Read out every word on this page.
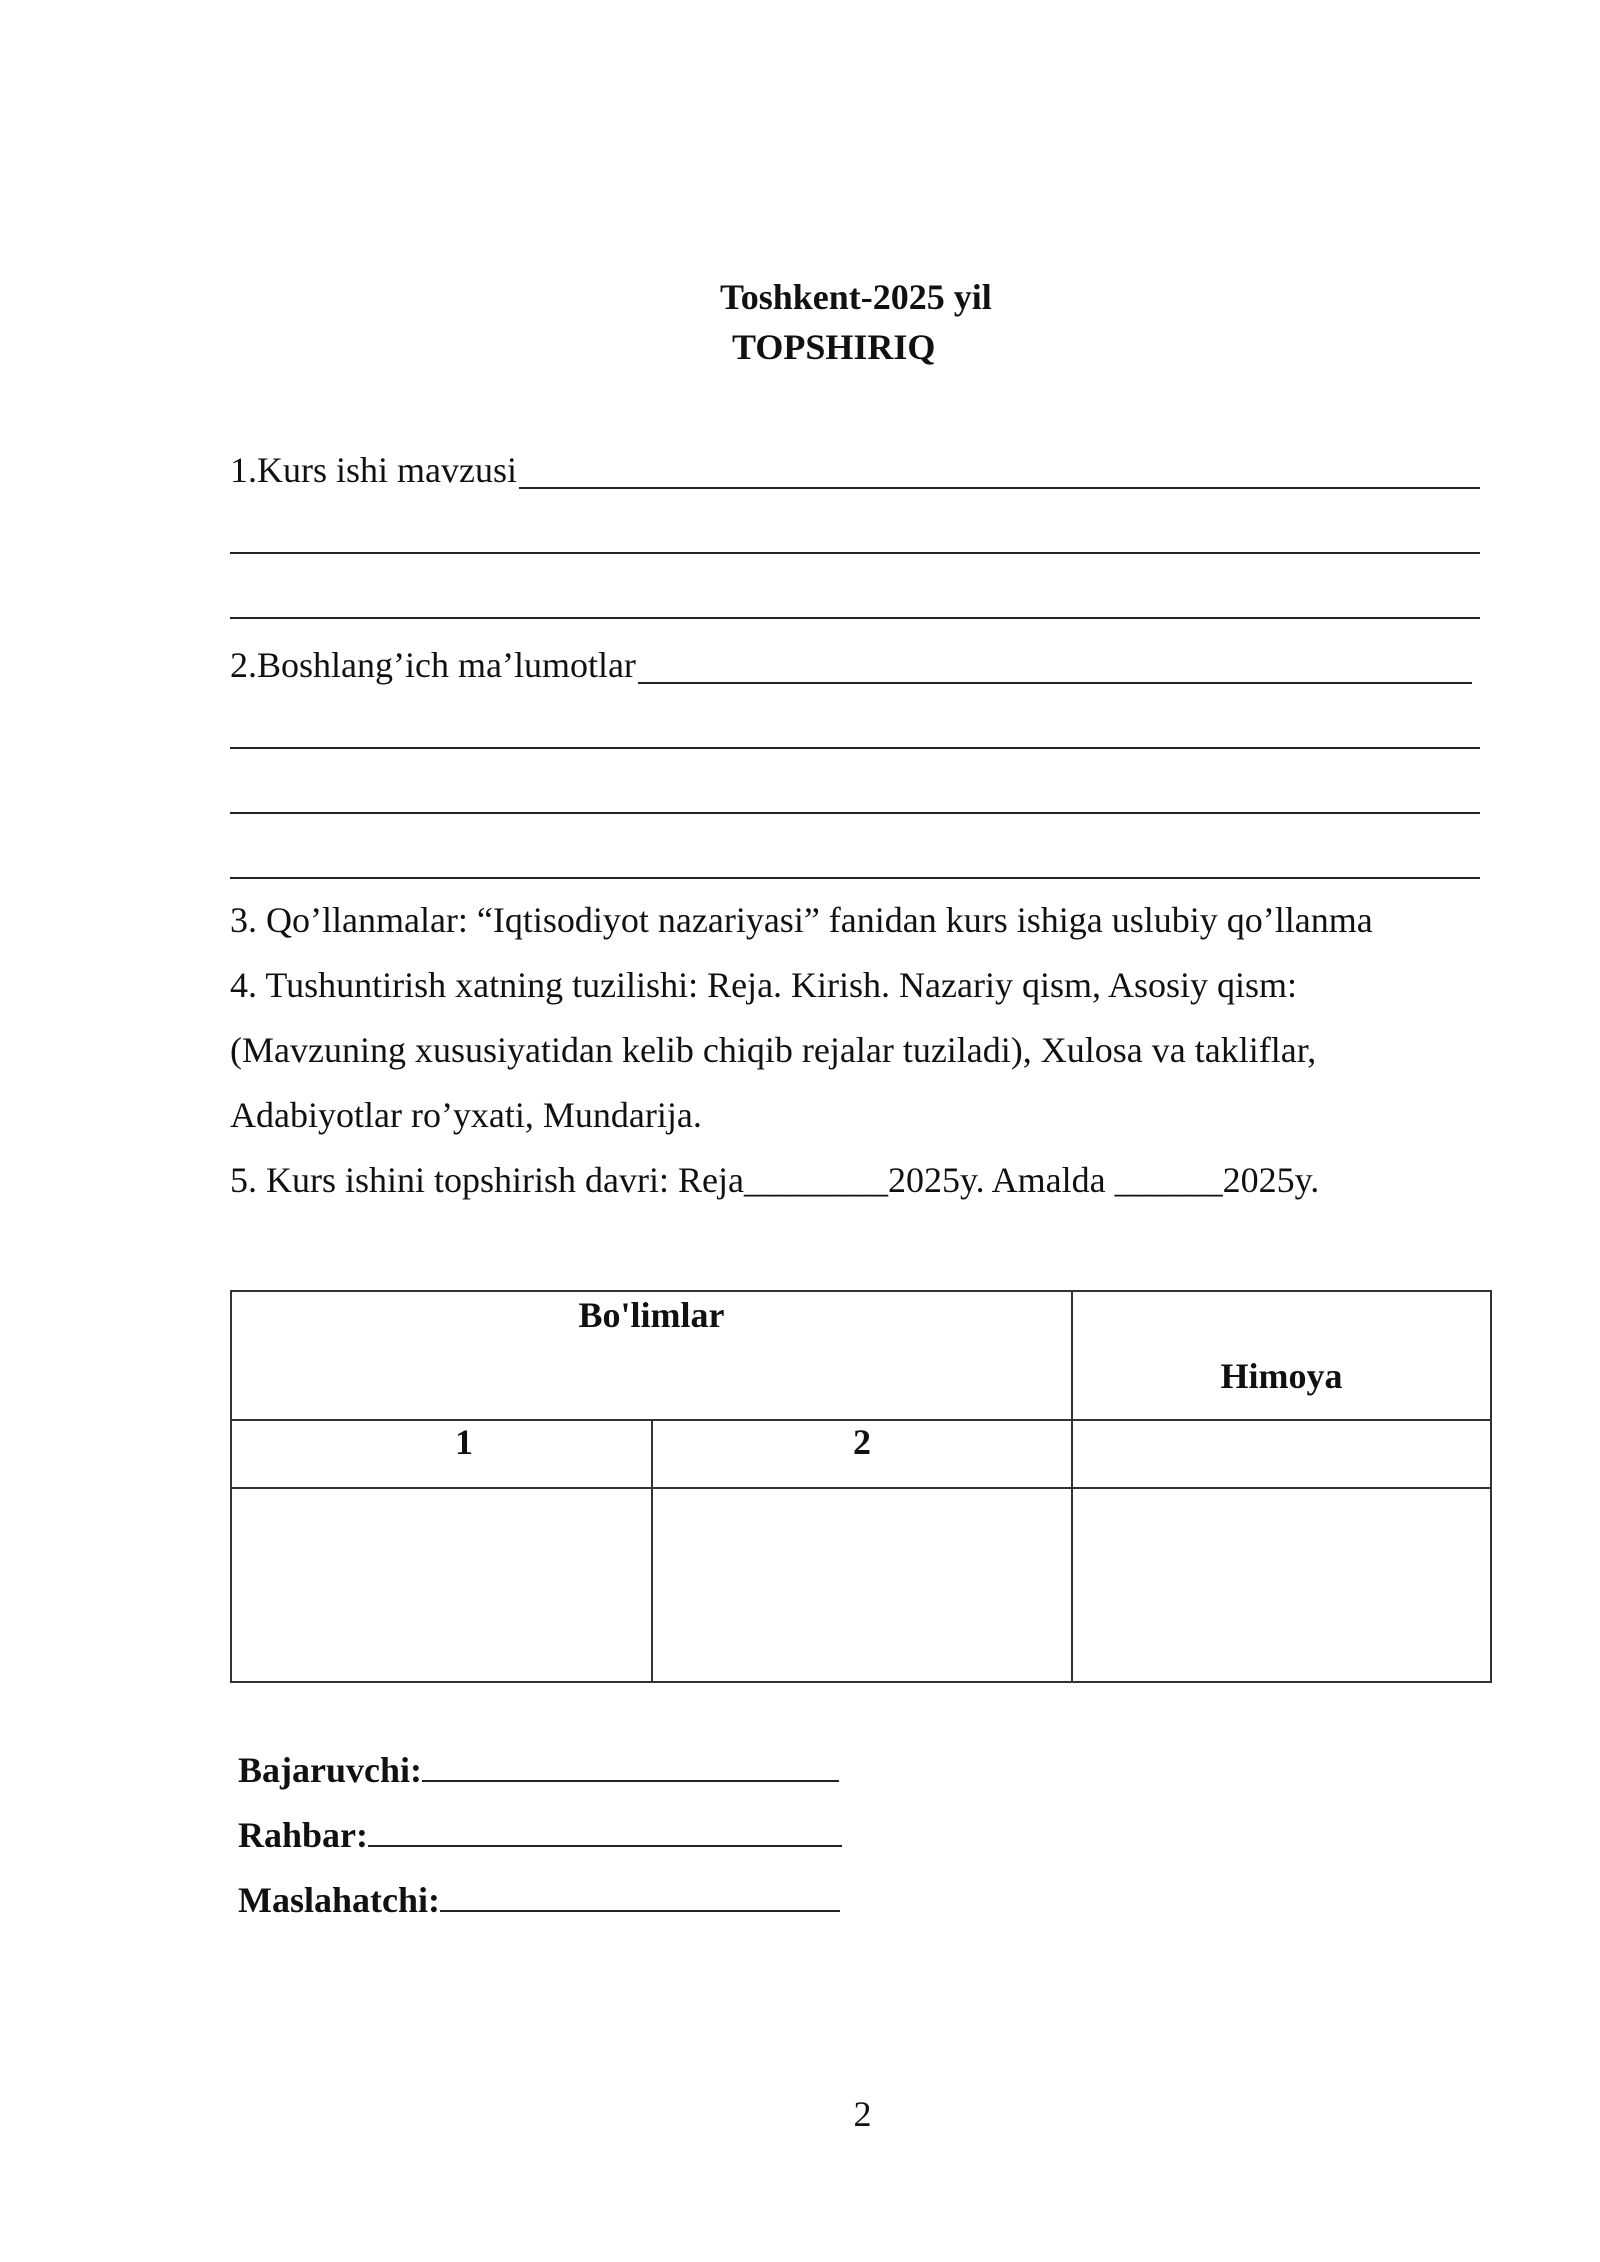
Toshkent-2025 yil
TOPSHIRIQ
1.Kurs ishi mavzusi
2.Boshlang’ich ma’lumotlar
3. Qo’llanmalar: “Iqtisodiyot nazariyasi” fanidan kurs ishiga uslubiy qo’llanma
4. Tushuntirish xatning tuzilishi: Reja. Kirish. Nazariy qism, Asosiy qism:
(Mavzuning xususiyatidan kelib chiqib rejalar tuziladi), Xulosa va takliflar,
Adabiyotlar ro’yxati, Mundarija.
5. Kurs ishini topshirish davri: Reja________2025y. Amalda ______2025y.
Bo'limlar
Himoya
1	2
Bajaruvchi:
Rahbar:
Maslahatchi:
2
